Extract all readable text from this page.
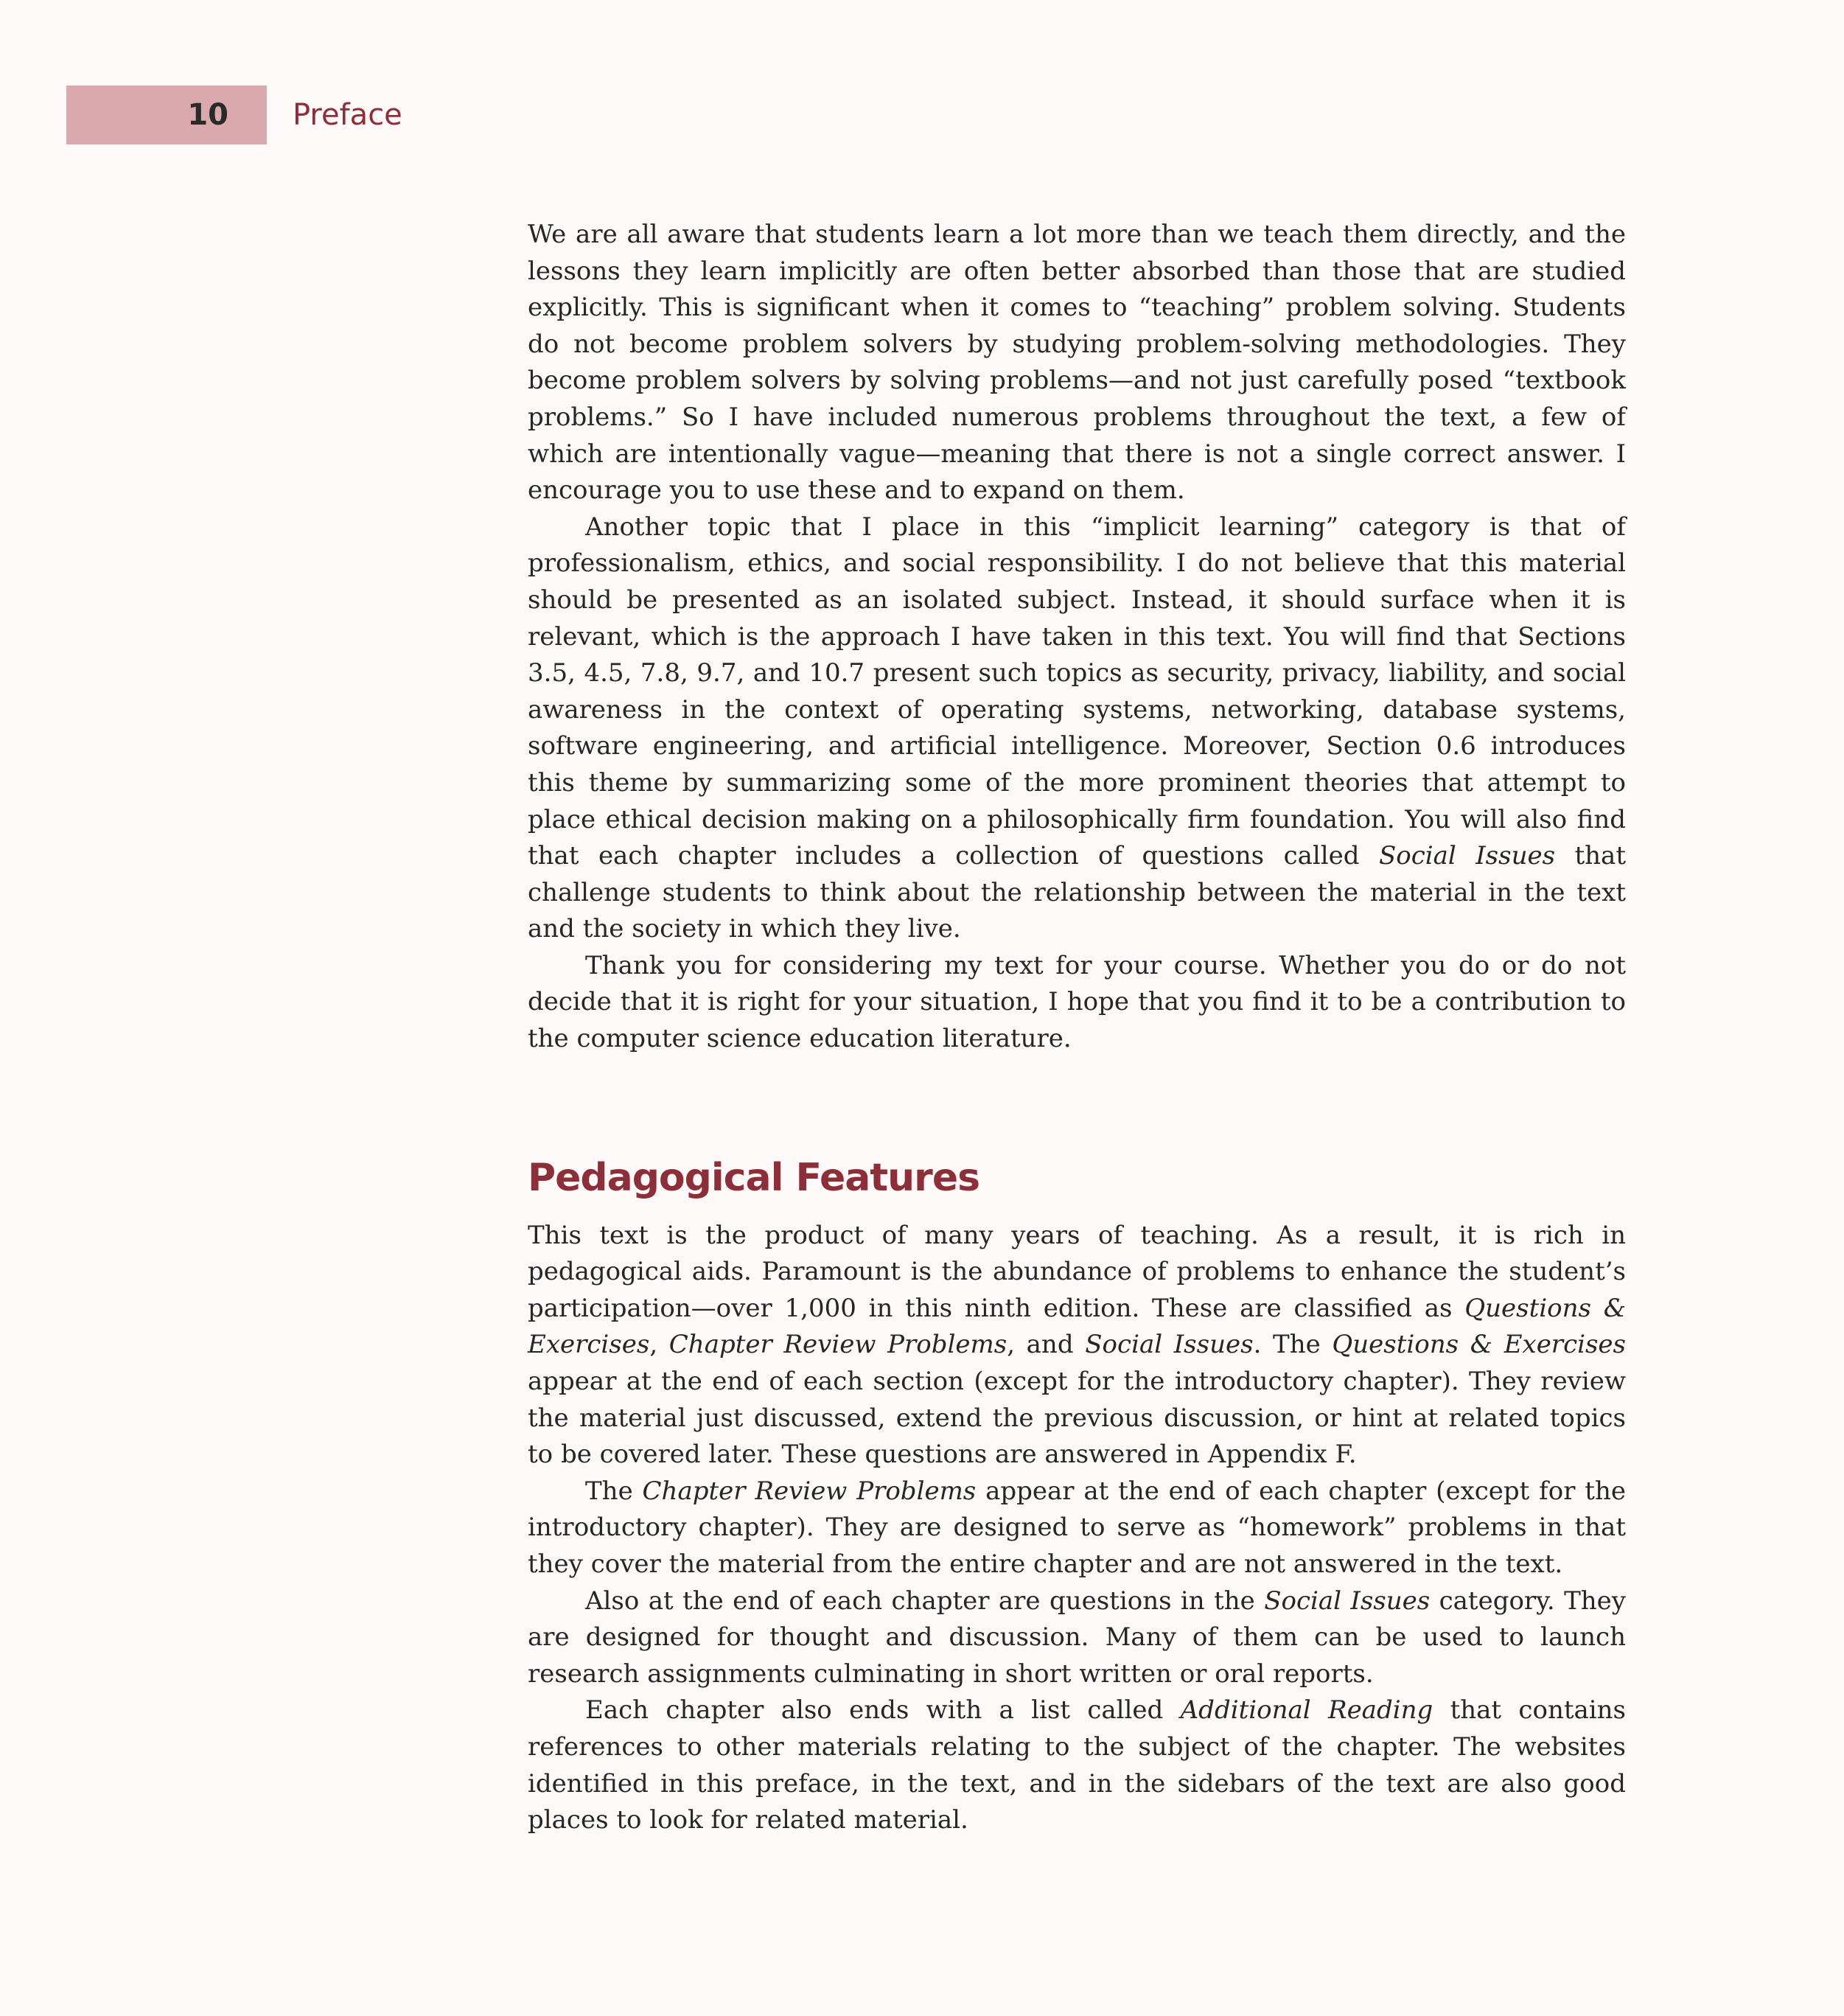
10	Preface

We are all aware that students learn a lot more than we teach them directly, and the lessons they learn implicitly are often better absorbed than those that are studied explicitly. This is significant when it comes to “teaching” problem solving. Students do not become problem solvers by studying problem-solving methodologies. They become problem solvers by solving problems—and not just carefully posed “textbook problems.” So I have included numerous problems throughout the text, a few of which are intentionally vague—meaning that there is not a single correct answer. I encourage you to use these and to expand on them.

Another topic that I place in this “implicit learning” category is that of professionalism, ethics, and social responsibility. I do not believe that this material should be presented as an isolated subject. Instead, it should surface when it is relevant, which is the approach I have taken in this text. You will find that Sections 3.5, 4.5, 7.8, 9.7, and 10.7 present such topics as security, privacy, liability, and social awareness in the context of operating systems, networking, database systems, software engineering, and artificial intelligence. Moreover, Section 0.6 introduces this theme by summarizing some of the more prominent theories that attempt to place ethical decision making on a philosophically firm foundation. You will also find that each chapter includes a collection of questions called Social Issues that challenge students to think about the relationship between the material in the text and the society in which they live.

Thank you for considering my text for your course. Whether you do or do not decide that it is right for your situation, I hope that you find it to be a contribution to the computer science education literature.

Pedagogical Features

This text is the product of many years of teaching. As a result, it is rich in pedagogical aids. Paramount is the abundance of problems to enhance the student’s participation—over 1,000 in this ninth edition. These are classified as Questions & Exercises, Chapter Review Problems, and Social Issues. The Questions & Exercises appear at the end of each section (except for the introductory chapter). They review the material just discussed, extend the previous discussion, or hint at related topics to be covered later. These questions are answered in Appendix F.

The Chapter Review Problems appear at the end of each chapter (except for the introductory chapter). They are designed to serve as “homework” problems in that they cover the material from the entire chapter and are not answered in the text.

Also at the end of each chapter are questions in the Social Issues category. They are designed for thought and discussion. Many of them can be used to launch research assignments culminating in short written or oral reports.

Each chapter also ends with a list called Additional Reading that contains references to other materials relating to the subject of the chapter. The websites identified in this preface, in the text, and in the sidebars of the text are also good places to look for related material.
